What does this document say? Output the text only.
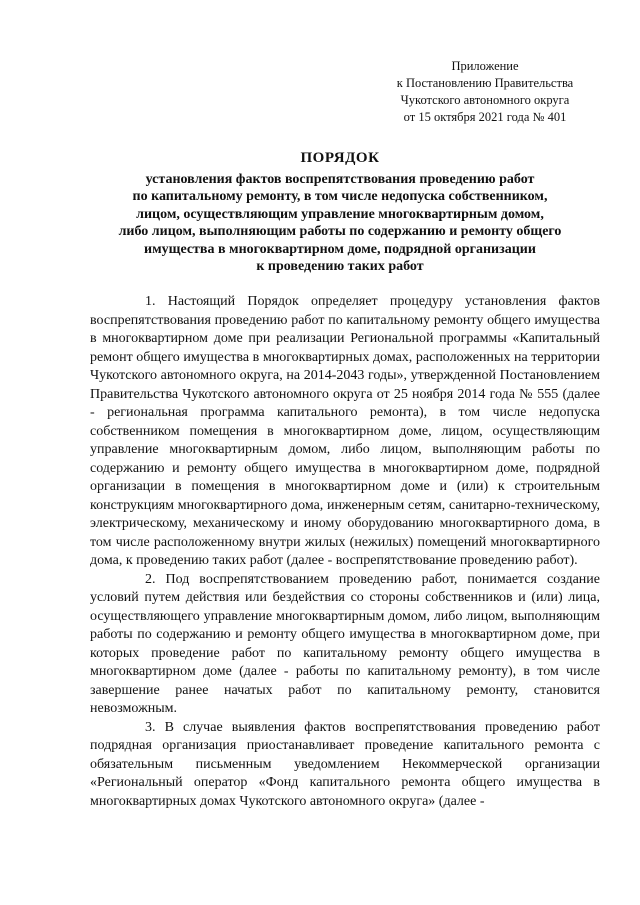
Приложение
к Постановлению Правительства
Чукотского автономного округа
от 15 октября 2021 года № 401
ПОРЯДОК
установления фактов воспрепятствования проведению работ
по капитальному ремонту, в том числе недопуска собственником,
лицом, осуществляющим управление многоквартирным домом,
либо лицом, выполняющим работы по содержанию и ремонту общего
имущества в многоквартирном доме, подрядной организации
к проведению таких работ

1. Настоящий Порядок определяет процедуру установления фактов воспрепятствования проведению работ по капитальному ремонту общего имущества в многоквартирном доме при реализации Региональной программы «Капитальный ремонт общего имущества в многоквартирных домах, расположенных на территории Чукотского автономного округа, на 2014-2043 годы», утвержденной Постановлением Правительства Чукотского автономного округа от 25 ноября 2014 года № 555 (далее - региональная программа капитального ремонта), в том числе недопуска собственником помещения в многоквартирном доме, лицом, осуществляющим управление многоквартирным домом, либо лицом, выполняющим работы по содержанию и ремонту общего имущества в многоквартирном доме, подрядной организации в помещения в многоквартирном доме и (или) к строительным конструкциям многоквартирного дома, инженерным сетям, санитарно-техническому, электрическому, механическому и иному оборудованию многоквартирного дома, в том числе расположенному внутри жилых (нежилых) помещений многоквартирного дома, к проведению таких работ (далее - воспрепятствование проведению работ).

2. Под воспрепятствованием проведению работ, понимается создание условий путем действия или бездействия со стороны собственников и (или) лица, осуществляющего управление многоквартирным домом, либо лицом, выполняющим работы по содержанию и ремонту общего имущества в многоквартирном доме, при которых проведение работ по капитальному ремонту общего имущества в многоквартирном доме (далее - работы по капитальному ремонту), в том числе завершение ранее начатых работ по капитальному ремонту, становится невозможным.

3. В случае выявления фактов воспрепятствования проведению работ подрядная организация приостанавливает проведение капитального ремонта с обязательным письменным уведомлением Некоммерческой организации «Региональный оператор «Фонд капитального ремонта общего имущества в многоквартирных домах Чукотского автономного округа» (далее -
